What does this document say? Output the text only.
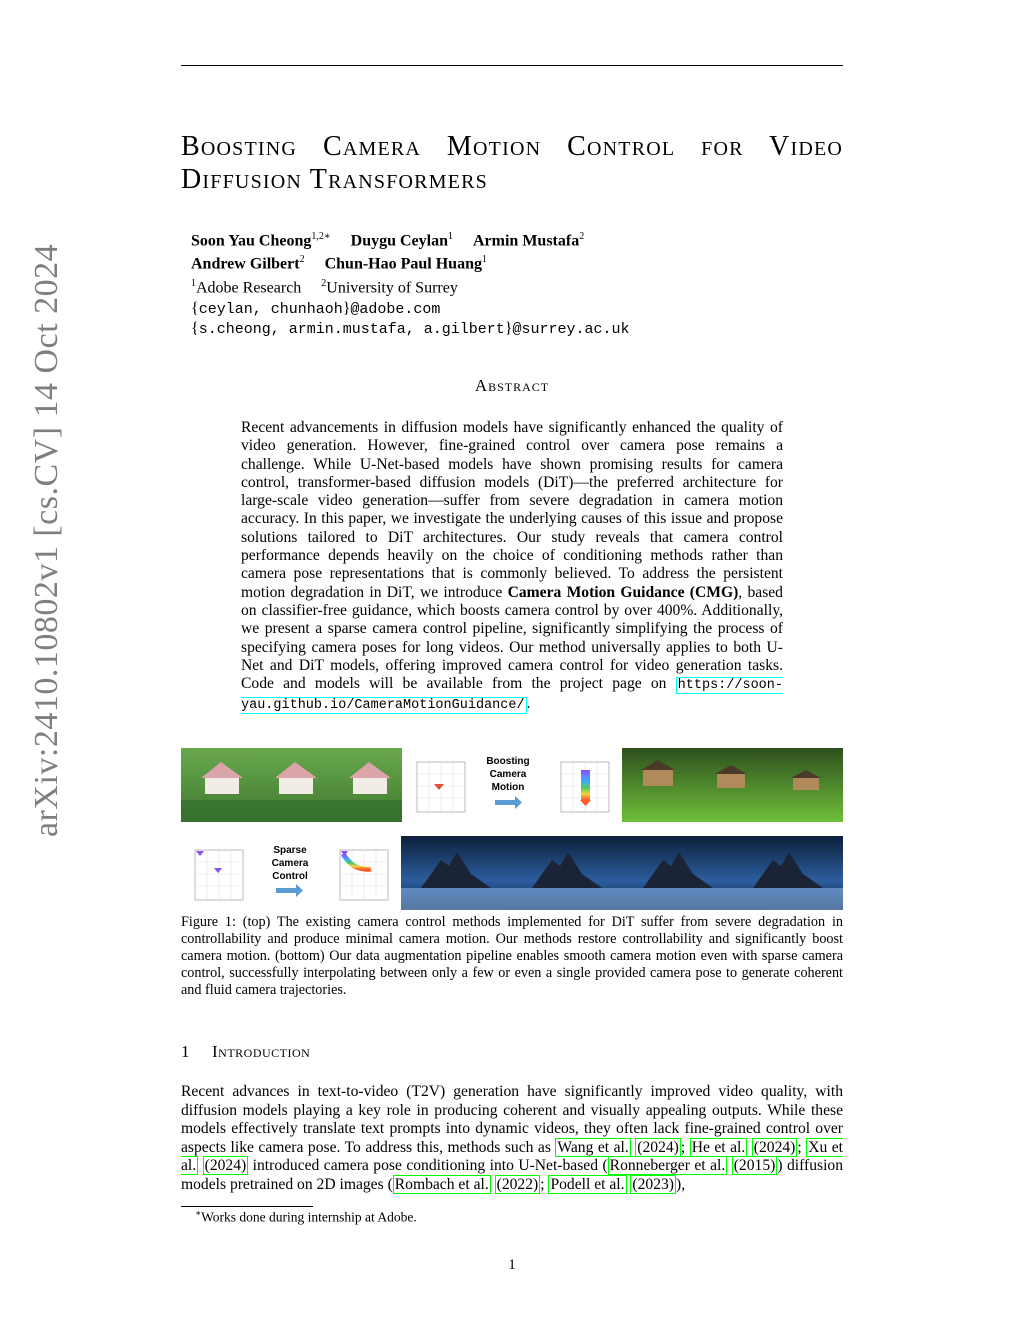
arXiv:2410.10802v1 [cs.CV] 14 Oct 2024
Boosting Camera Motion Control for Video
Diffusion Transformers
Soon Yau Cheong$^{1,2∗}$ Duygu Ceylan$^1$ Armin Mustafa$^2$
Andrew Gilbert$^2$ Chun-Hao Paul Huang$^1$
$^1$Adobe Research $^2$University of Surrey
{ceylan, chunhaoh}@adobe.com
{s.cheong, armin.mustafa, a.gilbert}@surrey.ac.uk
Abstract
Recent advancements in diffusion models have significantly enhanced the quality of video generation. However, fine-grained control over camera pose remains a challenge. While U-Net-based models have shown promising results for camera control, transformer-based diffusion models (DiT)—the preferred architecture for large-scale video generation—suffer from severe degradation in camera motion accuracy. In this paper, we investigate the underlying causes of this issue and propose solutions tailored to DiT architectures. Our study reveals that camera control performance depends heavily on the choice of conditioning methods rather than camera pose representations that is commonly believed. To address the persistent motion degradation in DiT, we introduce Camera Motion Guidance (CMG), based on classifier-free guidance, which boosts camera control by over 400%. Additionally, we present a sparse camera control pipeline, significantly simplifying the process of specifying camera poses for long videos. Our method universally applies to both U-Net and DiT models, offering improved camera control for video generation tasks. Code and models will be available from the project page on https://soon-yau.github.io/CameraMotionGuidance/ .
Boosting
Camera
Motion
Sparse
Camera
Control
Figure 1: (top) The existing camera control methods implemented for DiT suffer from severe degradation in controllability and produce minimal camera motion. Our methods restore controllability and significantly boost camera motion. (bottom) Our data augmentation pipeline enables smooth camera motion even with sparse camera control, successfully interpolating between only a few or even a single provided camera pose to generate coherent and fluid camera trajectories.
1 Introduction
Recent advances in text-to-video (T2V) generation have significantly improved video quality, with diffusion models playing a key role in producing coherent and visually appealing outputs. While these models effectively translate text prompts into dynamic videos, they often lack fine-grained control over aspects like camera pose. To address this, methods such as Wang et al. (2024) ; He et al. (2024) ; Xu et al. (2024) introduced camera pose conditioning into U-Net-based ( Ronneberger et al. (2015) ) diffusion models pretrained on 2D images ( Rombach et al. (2022) ; Podell et al. (2023) ),
∗Works done during internship at Adobe.
1
